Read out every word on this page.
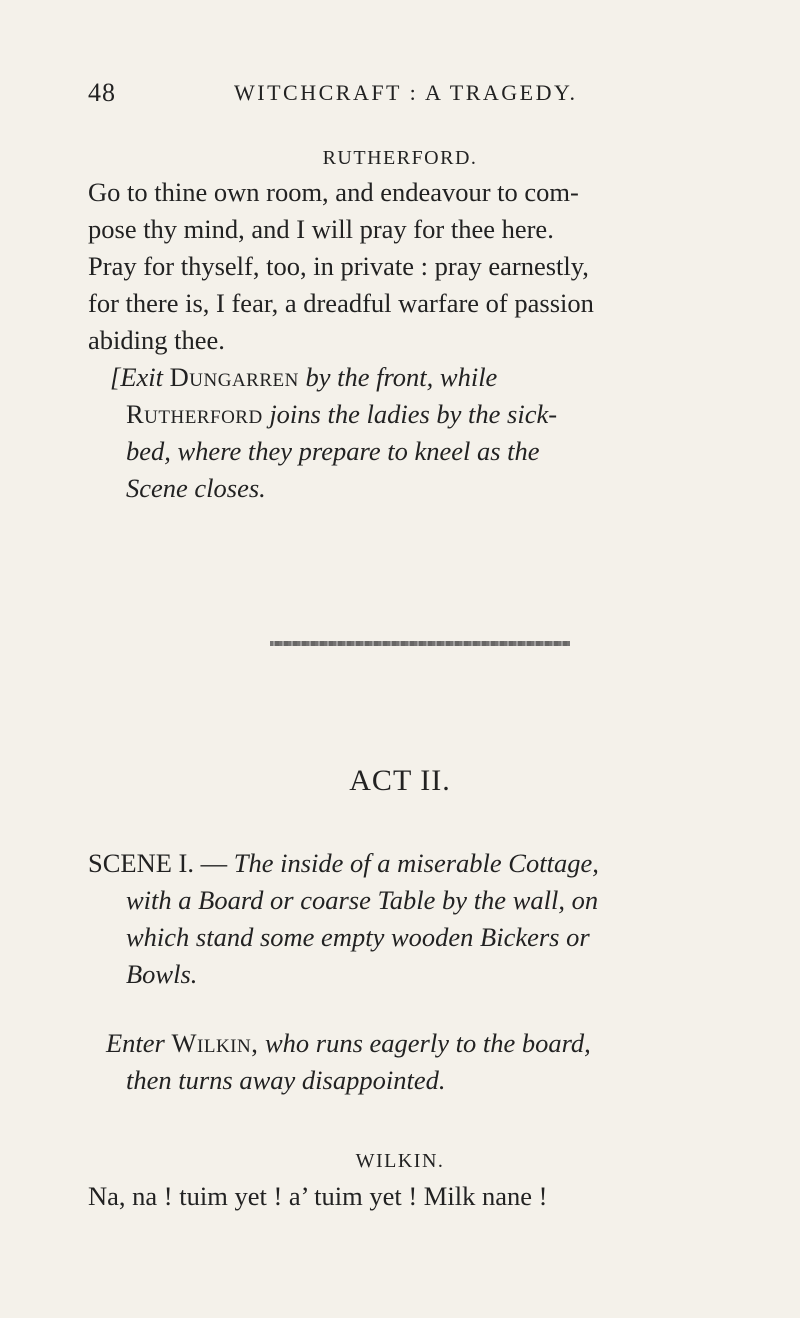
48	WITCHCRAFT : A TRAGEDY.
RUTHERFORD.
Go to thine own room, and endeavour to com-
pose thy mind, and I will pray for thee here.
Pray for thyself, too, in private : pray earnestly,
for there is, I fear, a dreadful warfare of passion
abiding thee.
[Exit Dungarren by the front, while
Rutherford joins the ladies by the sick-
bed, where they prepare to kneel as the
Scene closes.
ACT II.
SCENE I. — The inside of a miserable Cottage,
with a Board or coarse Table by the wall, on
which stand some empty wooden Bickers or
Bowls.
Enter Wilkin, who runs eagerly to the board,
then turns away disappointed.
WILKIN.
Na, na ! tuim yet ! a’ tuim yet ! Milk nane !
